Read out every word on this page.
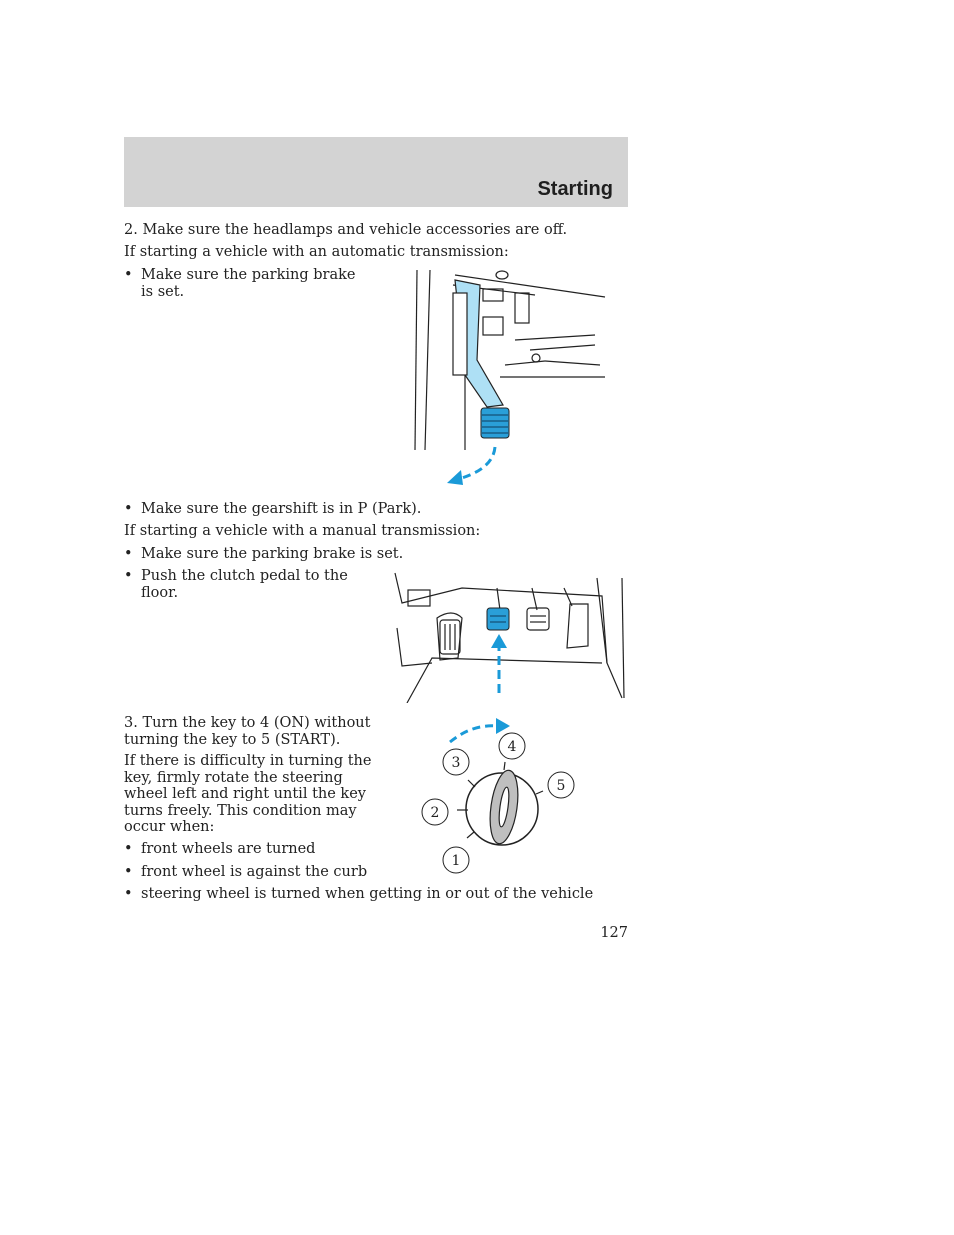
Starting
2. Make sure the headlamps and vehicle accessories are off.
If starting a vehicle with an automatic transmission:
• Make sure the parking brake is set.
• Make sure the gearshift is in P (Park).
If starting a vehicle with a manual transmission:
• Make sure the parking brake is set.
• Push the clutch pedal to the floor.
3. Turn the key to 4 (ON) without turning the key to 5 (START).
If there is difficulty in turning the key, firmly rotate the steering wheel left and right until the key turns freely. This condition may occur when:
• front wheels are turned
• front wheel is against the curb
• steering wheel is turned when getting in or out of the vehicle
1
2
3
4
5
127
